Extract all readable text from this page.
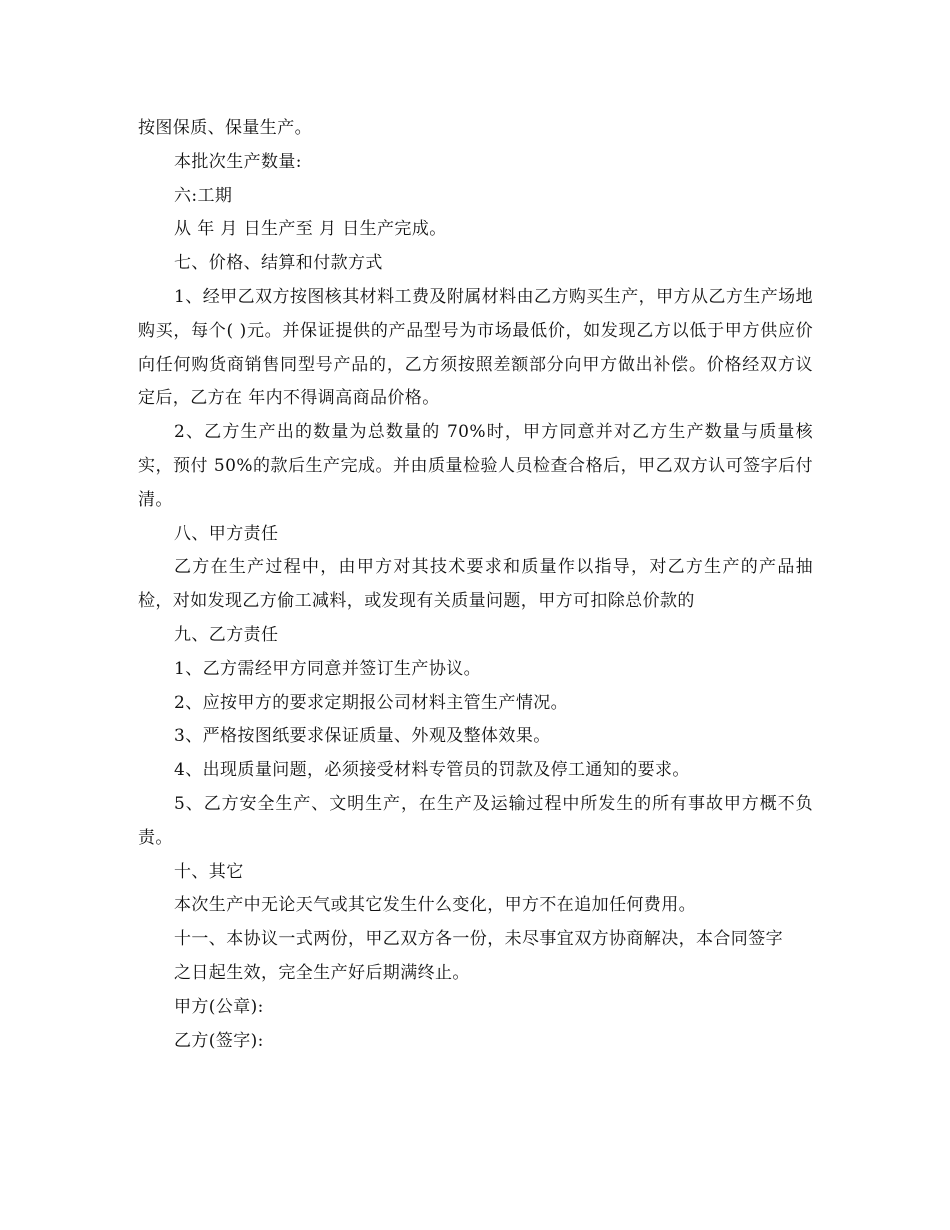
按图保质、保量生产。

本批次生产数量:

六:工期

从 年 月 日生产至 月 日生产完成。

七、价格、结算和付款方式

1、经甲乙双方按图核其材料工费及附属材料由乙方购买生产，甲方从乙方生产场地购买，每个( )元。并保证提供的产品型号为市场最低价，如发现乙方以低于甲方供应价向任何购货商销售同型号产品的，乙方须按照差额部分向甲方做出补偿。价格经双方议定后，乙方在 年内不得调高商品价格。

2、乙方生产出的数量为总数量的 70%时，甲方同意并对乙方生产数量与质量核实，预付 50%的款后生产完成。并由质量检验人员检查合格后，甲乙双方认可签字后付清。

八、甲方责任

乙方在生产过程中，由甲方对其技术要求和质量作以指导，对乙方生产的产品抽检，对如发现乙方偷工减料，或发现有关质量问题，甲方可扣除总价款的

九、乙方责任

1、乙方需经甲方同意并签订生产协议。

2、应按甲方的要求定期报公司材料主管生产情况。

3、严格按图纸要求保证质量、外观及整体效果。

4、出现质量问题，必须接受材料专管员的罚款及停工通知的要求。

5、乙方安全生产、文明生产，在生产及运输过程中所发生的所有事故甲方概不负责。

十、其它

本次生产中无论天气或其它发生什么变化，甲方不在追加任何费用。

十一、本协议一式两份，甲乙双方各一份，未尽事宜双方协商解决，本合同签字

之日起生效，完全生产好后期满终止。

甲方(公章):

乙方(签字):
